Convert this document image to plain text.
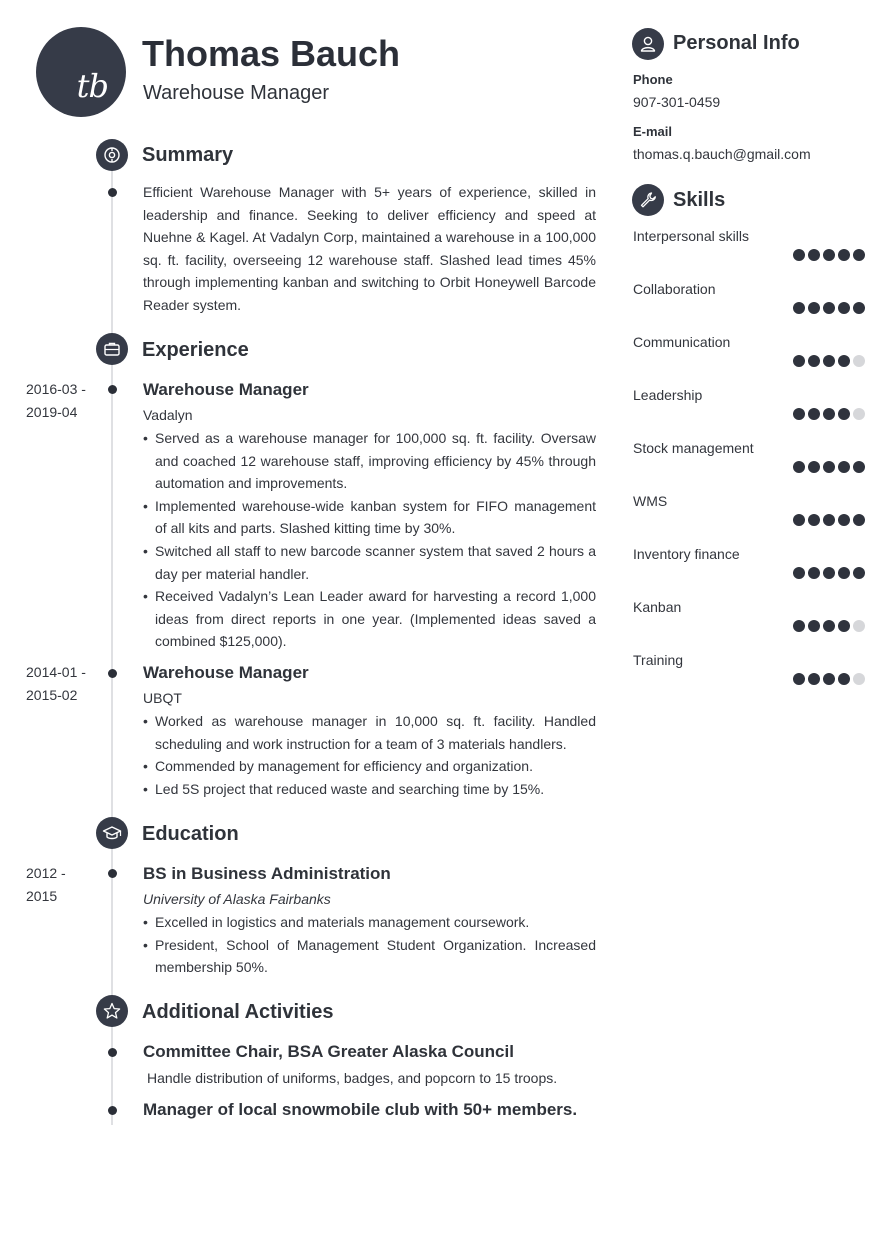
tb
Thomas Bauch
Warehouse Manager
Summary
Efficient Warehouse Manager with 5+ years of experience, skilled in leadership and finance. Seeking to deliver efficiency and speed at Nuehne & Kagel. At Vadalyn Corp, maintained a warehouse in a 100,000 sq. ft. facility, overseeing 12 warehouse staff. Slashed lead times 45% through implementing kanban and switching to Orbit Honeywell Barcode Reader system.
Experience
2016-03 -
2019-04
Warehouse Manager
Vadalyn
• Served as a warehouse manager for 100,000 sq. ft. facility. Oversaw and coached 12 warehouse staff, improving efficiency by 45% through automation and improvements.
• Implemented warehouse-wide kanban system for FIFO management of all kits and parts. Slashed kitting time by 30%.
• Switched all staff to new barcode scanner system that saved 2 hours a day per material handler.
• Received Vadalyn’s Lean Leader award for harvesting a record 1,000 ideas from direct reports in one year. (Implemented ideas saved a combined $125,000).
2014-01 -
2015-02
Warehouse Manager
UBQT
• Worked as warehouse manager in 10,000 sq. ft. facility. Handled scheduling and work instruction for a team of 3 materials handlers.
• Commended by management for efficiency and organization.
• Led 5S project that reduced waste and searching time by 15%.
Education
2012 -
2015
BS in Business Administration
University of Alaska Fairbanks
• Excelled in logistics and materials management coursework.
• President, School of Management Student Organization. Increased membership 50%.
Additional Activities
Committee Chair, BSA Greater Alaska Council
Handle distribution of uniforms, badges, and popcorn to 15 troops.
Manager of local snowmobile club with 50+ members.
Personal Info
Phone
907-301-0459
E-mail
thomas.q.bauch@gmail.com
Skills
Interpersonal skills
Collaboration
Communication
Leadership
Stock management
WMS
Inventory finance
Kanban
Training
